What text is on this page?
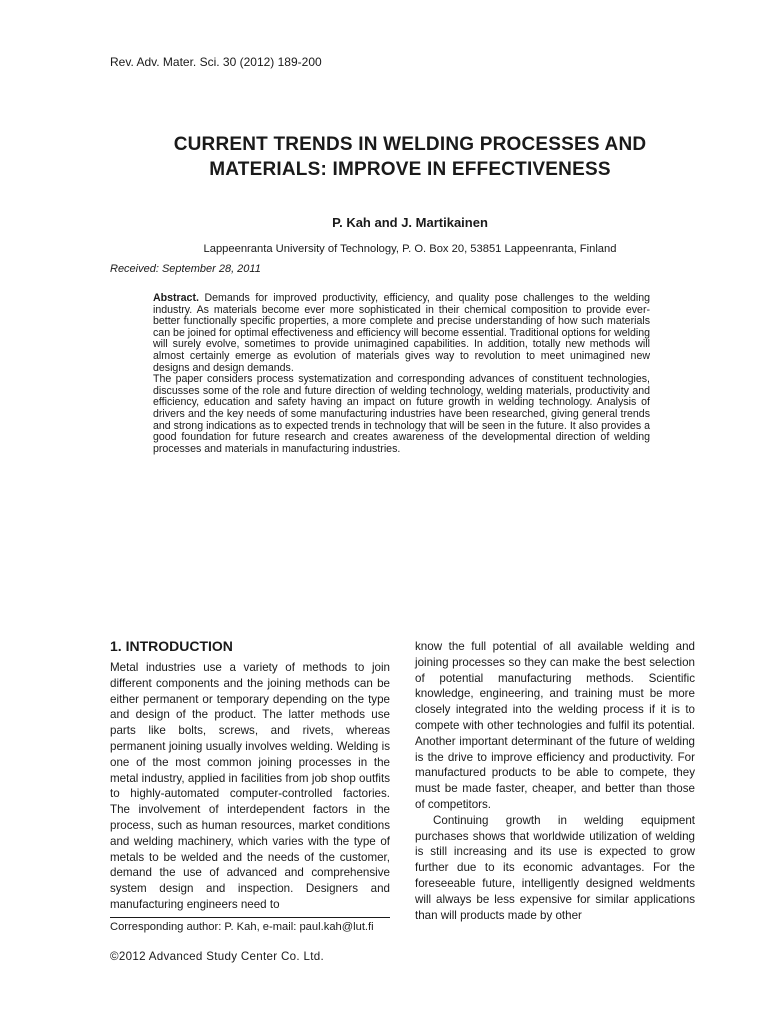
Rev. Adv. Mater. Sci. 30 (2012) 189-200
CURRENT TRENDS IN WELDING PROCESSES AND
MATERIALS: IMPROVE IN EFFECTIVENESS
P. Kah and J. Martikainen
Lappeenranta University of Technology, P. O. Box 20, 53851 Lappeenranta, Finland
Received: September 28, 2011

Abstract. Demands for improved productivity, efficiency, and quality pose challenges to the welding industry. As materials become ever more sophisticated in their chemical composition to provide ever-better functionally specific properties, a more complete and precise understanding of how such materials can be joined for optimal effectiveness and efficiency will become essential. Traditional options for welding will surely evolve, sometimes to provide unimagined capabilities. In addition, totally new methods will almost certainly emerge as evolution of materials gives way to revolution to meet unimagined new designs and design demands.

The paper considers process systematization and corresponding advances of constituent technologies, discusses some of the role and future direction of welding technology, welding materials, productivity and efficiency, education and safety having an impact on future growth in welding technology. Analysis of drivers and the key needs of some manufacturing industries have been researched, giving general trends and strong indications as to expected trends in technology that will be seen in the future. It also provides a good foundation for future research and creates awareness of the developmental direction of welding processes and materials in manufacturing industries.

1. INTRODUCTION

Metal industries use a variety of methods to join different components and the joining methods can be either permanent or temporary depending on the type and design of the product. The latter methods use parts like bolts, screws, and rivets, whereas permanent joining usually involves welding. Welding is one of the most common joining processes in the metal industry, applied in facilities from job shop outfits to highly-automated computer-controlled factories. The involvement of interdependent factors in the process, such as human resources, market conditions and welding machinery, which varies with the type of metals to be welded and the needs of the customer, demand the use of advanced and comprehensive system design and inspection. Designers and manufacturing engineers need to

know the full potential of all available welding and joining processes so they can make the best selection of potential manufacturing methods. Scientific knowledge, engineering, and training must be more closely integrated into the welding process if it is to compete with other technologies and fulfil its potential. Another important determinant of the future of welding is the drive to improve efficiency and productivity. For manufactured products to be able to compete, they must be made faster, cheaper, and better than those of competitors.

Continuing growth in welding equipment purchases shows that worldwide utilization of welding is still increasing and its use is expected to grow further due to its economic advantages. For the foreseeable future, intelligently designed weldments will always be less expensive for similar applications than will products made by other

Corresponding author: P. Kah, e-mail: paul.kah@lut.fi
©2012 Advanced Study Center Co. Ltd.
